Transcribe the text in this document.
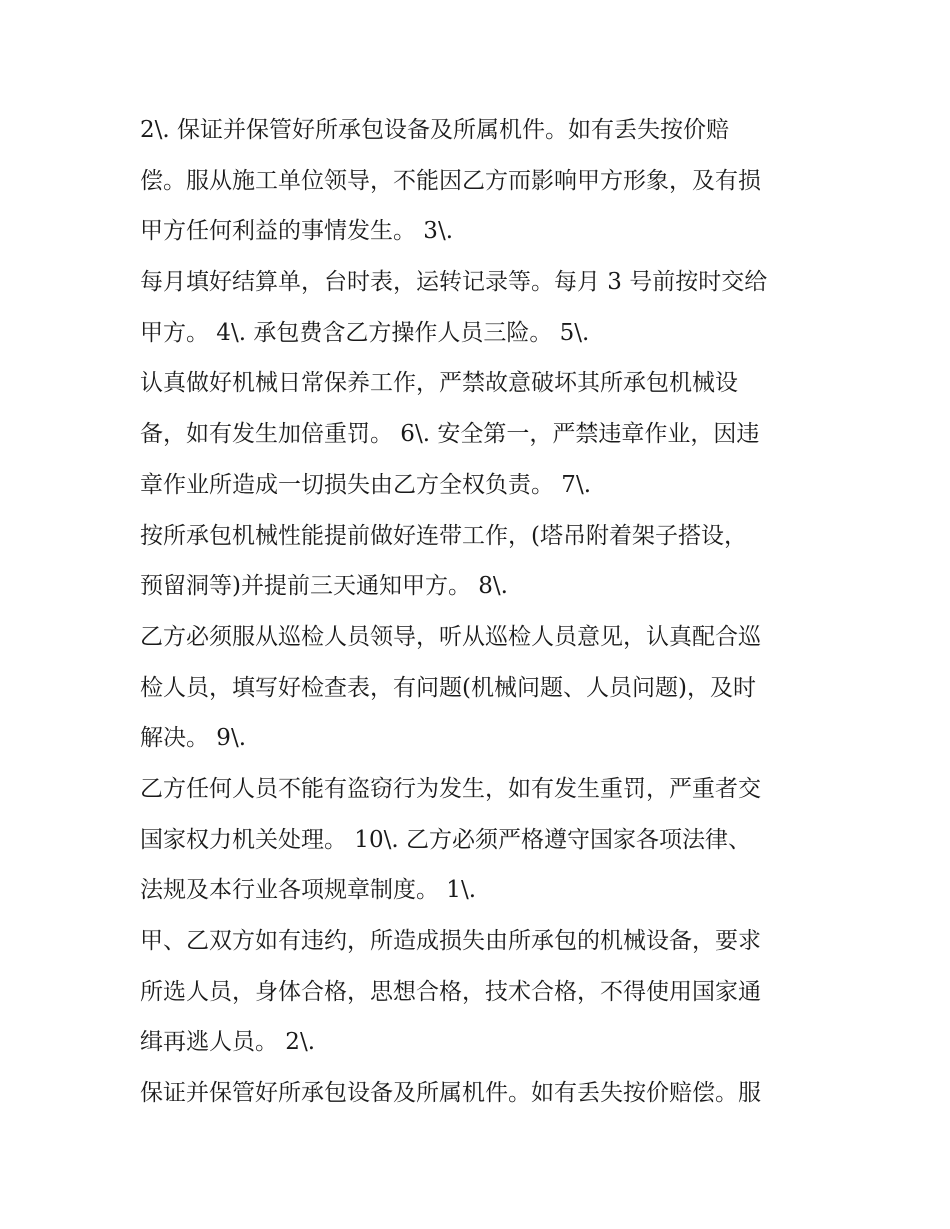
2\. 保证并保管好所承包设备及所属机件。如有丢失按价赔
偿。服从施工单位领导，不能因乙方而影响甲方形象，及有损
甲方任何利益的事情发生。 3\.
每月填好结算单，台时表，运转记录等。每月 3 号前按时交给
甲方。 4\. 承包费含乙方操作人员三险。 5\.
认真做好机械日常保养工作，严禁故意破坏其所承包机械设
备，如有发生加倍重罚。 6\. 安全第一，严禁违章作业，因违
章作业所造成一切损失由乙方全权负责。 7\.
按所承包机械性能提前做好连带工作，(塔吊附着架子搭设，
预留洞等)并提前三天通知甲方。 8\.
乙方必须服从巡检人员领导，听从巡检人员意见，认真配合巡
检人员，填写好检查表，有问题(机械问题、人员问题)，及时
解决。 9\.
乙方任何人员不能有盗窃行为发生，如有发生重罚，严重者交
国家权力机关处理。 10\. 乙方必须严格遵守国家各项法律、
法规及本行业各项规章制度。 1\.
甲、乙双方如有违约，所造成损失由所承包的机械设备，要求
所选人员，身体合格，思想合格，技术合格，不得使用国家通
缉再逃人员。 2\.
保证并保管好所承包设备及所属机件。如有丢失按价赔偿。服
